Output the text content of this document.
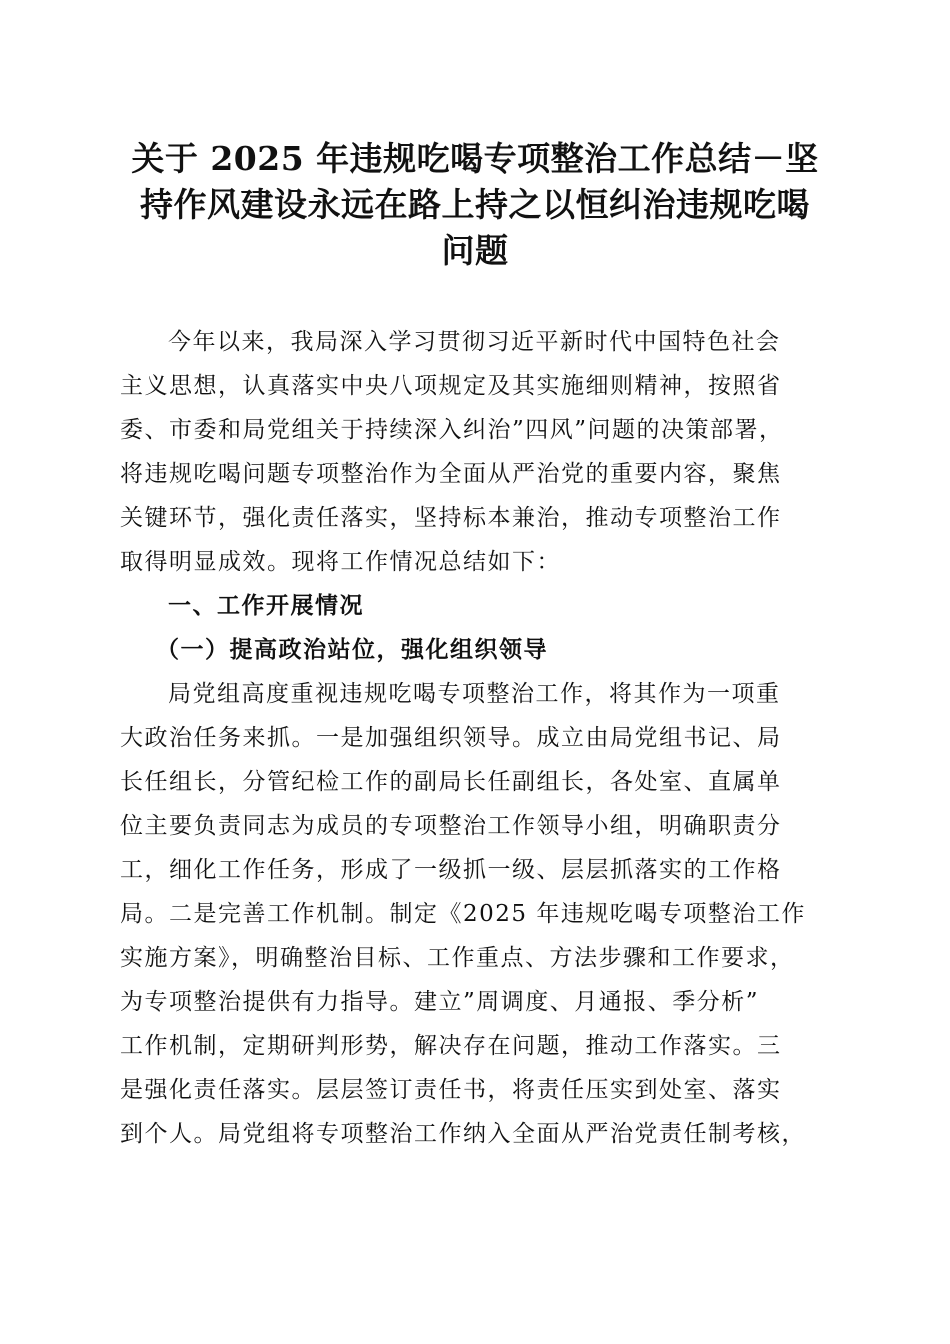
关于 2025 年违规吃喝专项整治工作总结－坚
持作风建设永远在路上持之以恒纠治违规吃喝
问题
今年以来，我局深入学习贯彻习近平新时代中国特色社会
主义思想，认真落实中央八项规定及其实施细则精神，按照省
委、市委和局党组关于持续深入纠治”四风”问题的决策部署，
将违规吃喝问题专项整治作为全面从严治党的重要内容，聚焦
关键环节，强化责任落实，坚持标本兼治，推动专项整治工作
取得明显成效。现将工作情况总结如下：
一、工作开展情况
（一）提高政治站位，强化组织领导
局党组高度重视违规吃喝专项整治工作，将其作为一项重
大政治任务来抓。一是加强组织领导。成立由局党组书记、局
长任组长，分管纪检工作的副局长任副组长，各处室、直属单
位主要负责同志为成员的专项整治工作领导小组，明确职责分
工，细化工作任务，形成了一级抓一级、层层抓落实的工作格
局。二是完善工作机制。制定《2025 年违规吃喝专项整治工作
实施方案》，明确整治目标、工作重点、方法步骤和工作要求，
为专项整治提供有力指导。建立”周调度、月通报、季分析”
工作机制，定期研判形势，解决存在问题，推动工作落实。三
是强化责任落实。层层签订责任书，将责任压实到处室、落实
到个人。局党组将专项整治工作纳入全面从严治党责任制考核，
